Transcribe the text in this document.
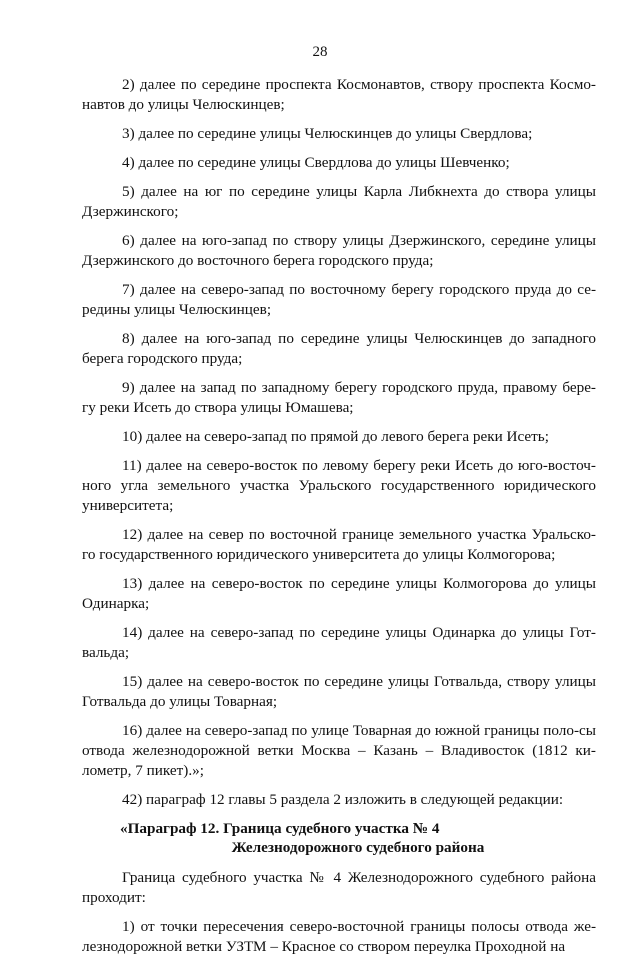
28

2) далее по середине проспекта Космонавтов, створу проспекта Космо-навтов до улицы Челюскинцев;

3) далее по середине улицы Челюскинцев до улицы Свердлова;

4) далее по середине улицы Свердлова до улицы Шевченко;

5) далее на юг по середине улицы Карла Либкнехта до створа улицы Дзержинского;

6) далее на юго-запад по створу улицы Дзержинского, середине улицы Дзержинского до восточного берега городского пруда;

7) далее на северо-запад по восточному берегу городского пруда до се-редины улицы Челюскинцев;

8) далее на юго-запад по середине улицы Челюскинцев до западного берега городского пруда;

9) далее на запад по западному берегу городского пруда, правому бере-гу реки Исеть до створа улицы Юмашева;

10) далее на северо-запад по прямой до левого берега реки Исеть;

11) далее на северо-восток по левому берегу реки Исеть до юго-восточ-ного угла земельного участка Уральского государственного юридического университета;

12) далее на север по восточной границе земельного участка Уральско-го государственного юридического университета до улицы Колмогорова;

13) далее на северо-восток по середине улицы Колмогорова до улицы Одинарка;

14) далее на северо-запад по середине улицы Одинарка до улицы Гот-вальда;

15) далее на северо-восток по середине улицы Готвальда, створу улицы Готвальда до улицы Товарная;

16) далее на северо-запад по улице Товарная до южной границы поло-сы отвода железнодорожной ветки Москва – Казань – Владивосток (1812 ки-лометр, 7 пикет).»;

42) параграф 12 главы 5 раздела 2 изложить в следующей редакции:

«Параграф 12. Граница судебного участка № 4
Железнодорожного судебного района

Граница судебного участка № 4 Железнодорожного судебного района проходит:

1) от точки пересечения северо-восточной границы полосы отвода же-лезнодорожной ветки УЗТМ – Красное со створом переулка Проходной на
